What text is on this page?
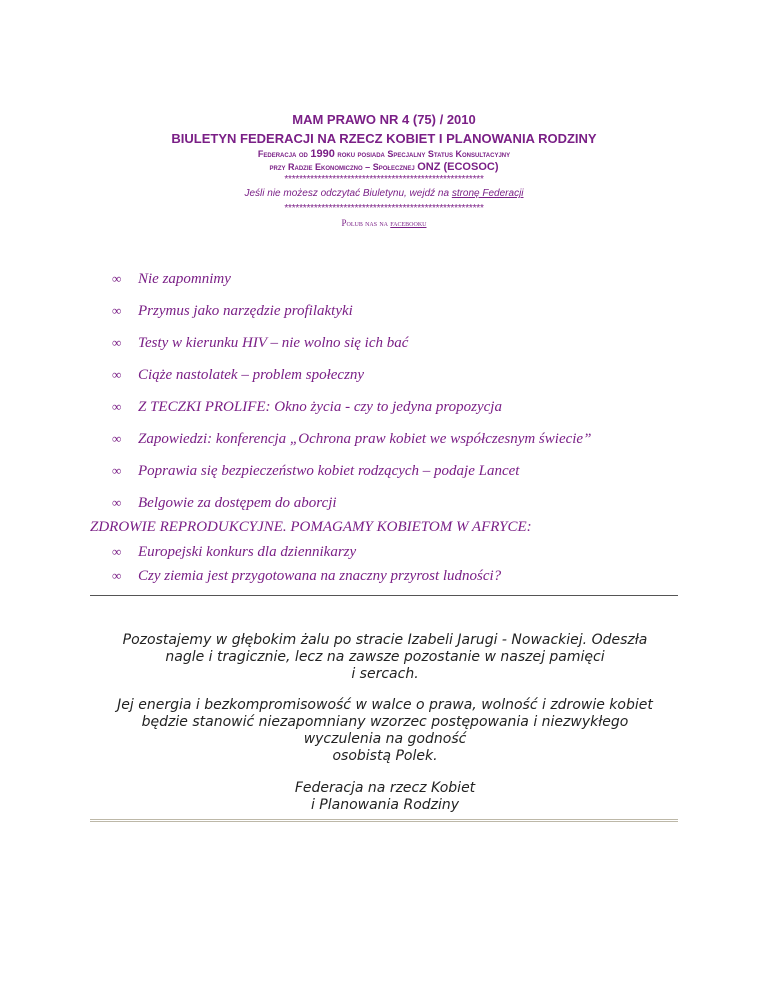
MAM PRAWO NR 4 (75) / 2010

BIULETYN FEDERACJI NA RZECZ KOBIET I PLANOWANIA RODZINY

Federacja od 1990 roku posiada Specjalny Status Konsultacyjny

przy Radzie Ekonomiczno – Społecznej ONZ (ECOSOC)

******************************************************

Jeśli nie możesz odczytać Biuletynu, wejdź na stronę Federacji

******************************************************

Polub nas na facebooku

∞ Nie zapomnimy
∞ Przymus jako narzędzie profilaktyki
∞ Testy w kierunku HIV – nie wolno się ich bać
∞ Ciąże nastolatek – problem społeczny
∞ Z TECZKI PROLIFE: Okno życia - czy to jedyna propozycja
∞ Zapowiedzi: konferencja „Ochrona praw kobiet we współczesnym świecie”
∞ Poprawia się bezpieczeństwo kobiet rodzących – podaje Lancet
∞ Belgowie za dostępem do aborcji
ZDROWIE REPRODUKCYJNE. POMAGAMY KOBIETOM W AFRYCE:
∞ Europejski konkurs dla dziennikarzy
∞ Czy ziemia jest przygotowana na znaczny przyrost ludności?

Pozostajemy w głębokim żalu po stracie Izabeli Jarugi - Nowackiej. Odeszła

nagle i tragicznie, lecz na zawsze pozostanie w naszej pamięci

i sercach.

Jej energia i bezkompromisowość w walce o prawa, wolność i zdrowie kobiet

będzie stanowić niezapomniany wzorzec postępowania i niezwykłego

wyczulenia na godność

osobistą Polek.

Federacja na rzecz Kobiet

i Planowania Rodziny
